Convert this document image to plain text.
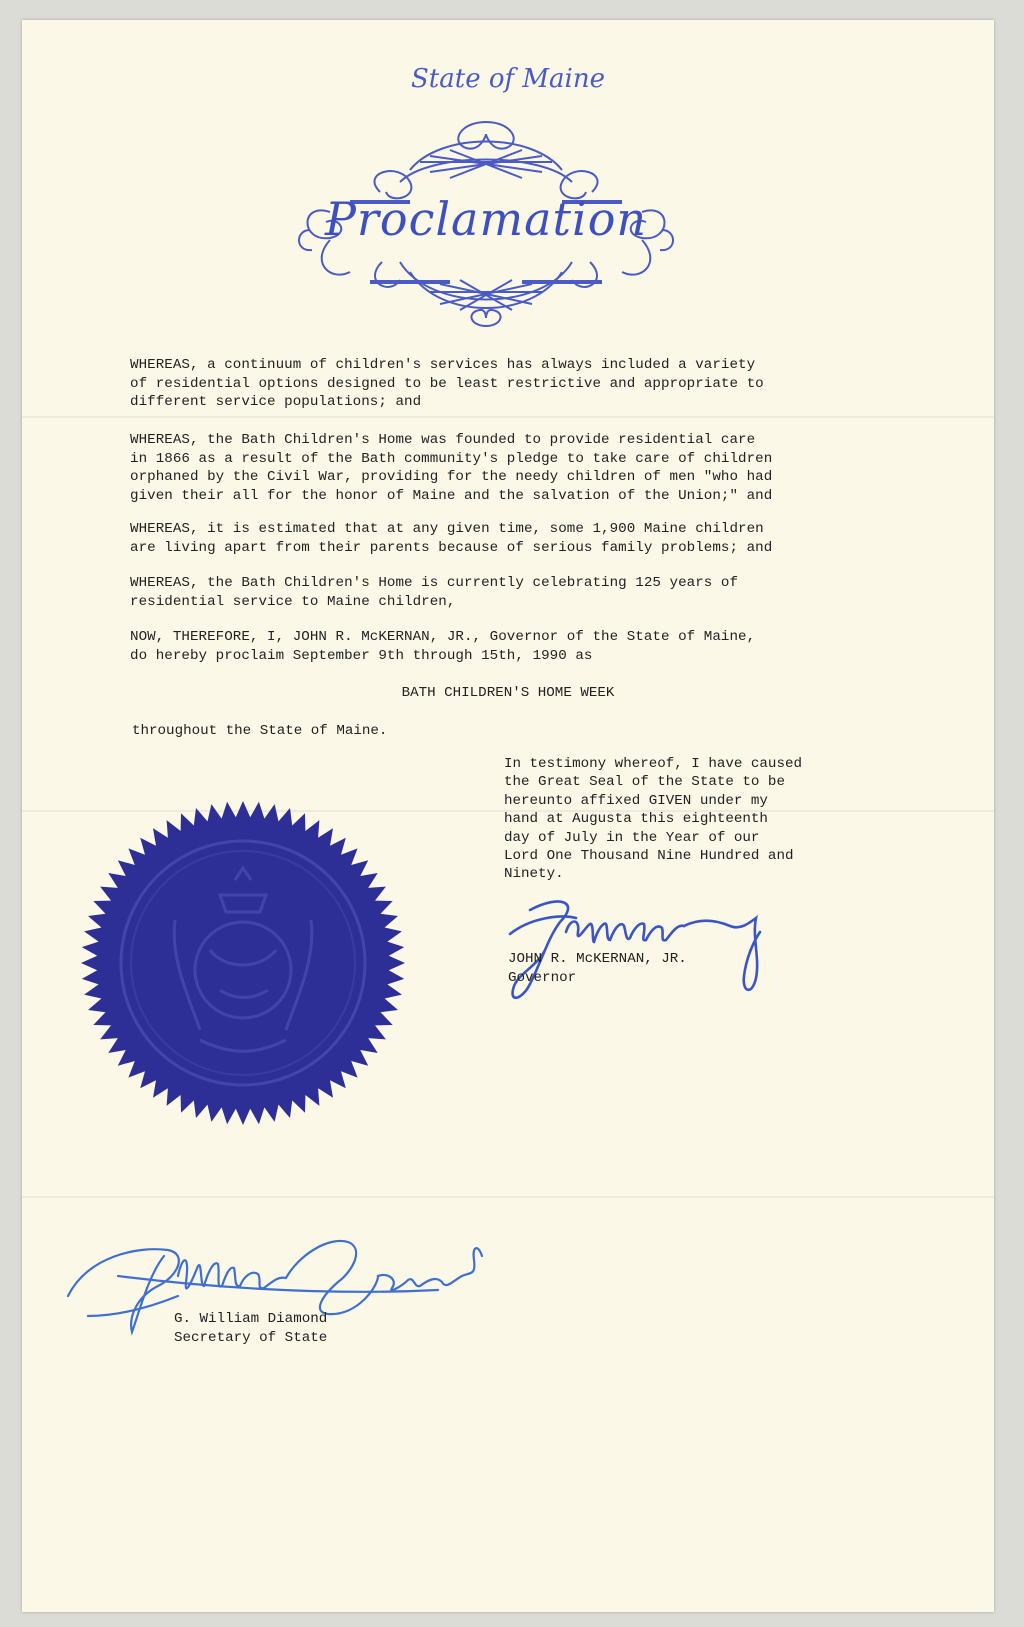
State of Maine
Proclamation

WHEREAS, a continuum of children's services has always included a variety
of residential options designed to be least restrictive and appropriate to
different service populations; and

WHEREAS, the Bath Children's Home was founded to provide residential care
in 1866 as a result of the Bath community's pledge to take care of children
orphaned by the Civil War, providing for the needy children of men "who had
given their all for the honor of Maine and the salvation of the Union;" and

WHEREAS, it is estimated that at any given time, some 1,900 Maine children
are living apart from their parents because of serious family problems; and

WHEREAS, the Bath Children's Home is currently celebrating 125 years of
residential service to Maine children,

NOW, THEREFORE, I, JOHN R. McKERNAN, JR., Governor of the State of Maine,
do hereby proclaim September 9th through 15th, 1990 as

BATH CHILDREN'S HOME WEEK
throughout the State of Maine.
In testimony whereof, I have caused
the Great Seal of the State to be
hereunto affixed GIVEN under my
hand at Augusta this eighteenth
day of July in the Year of our
Lord One Thousand Nine Hundred and
Ninety.
JOHN R. McKERNAN, JR.
Governor
G. William Diamond
Secretary of State
